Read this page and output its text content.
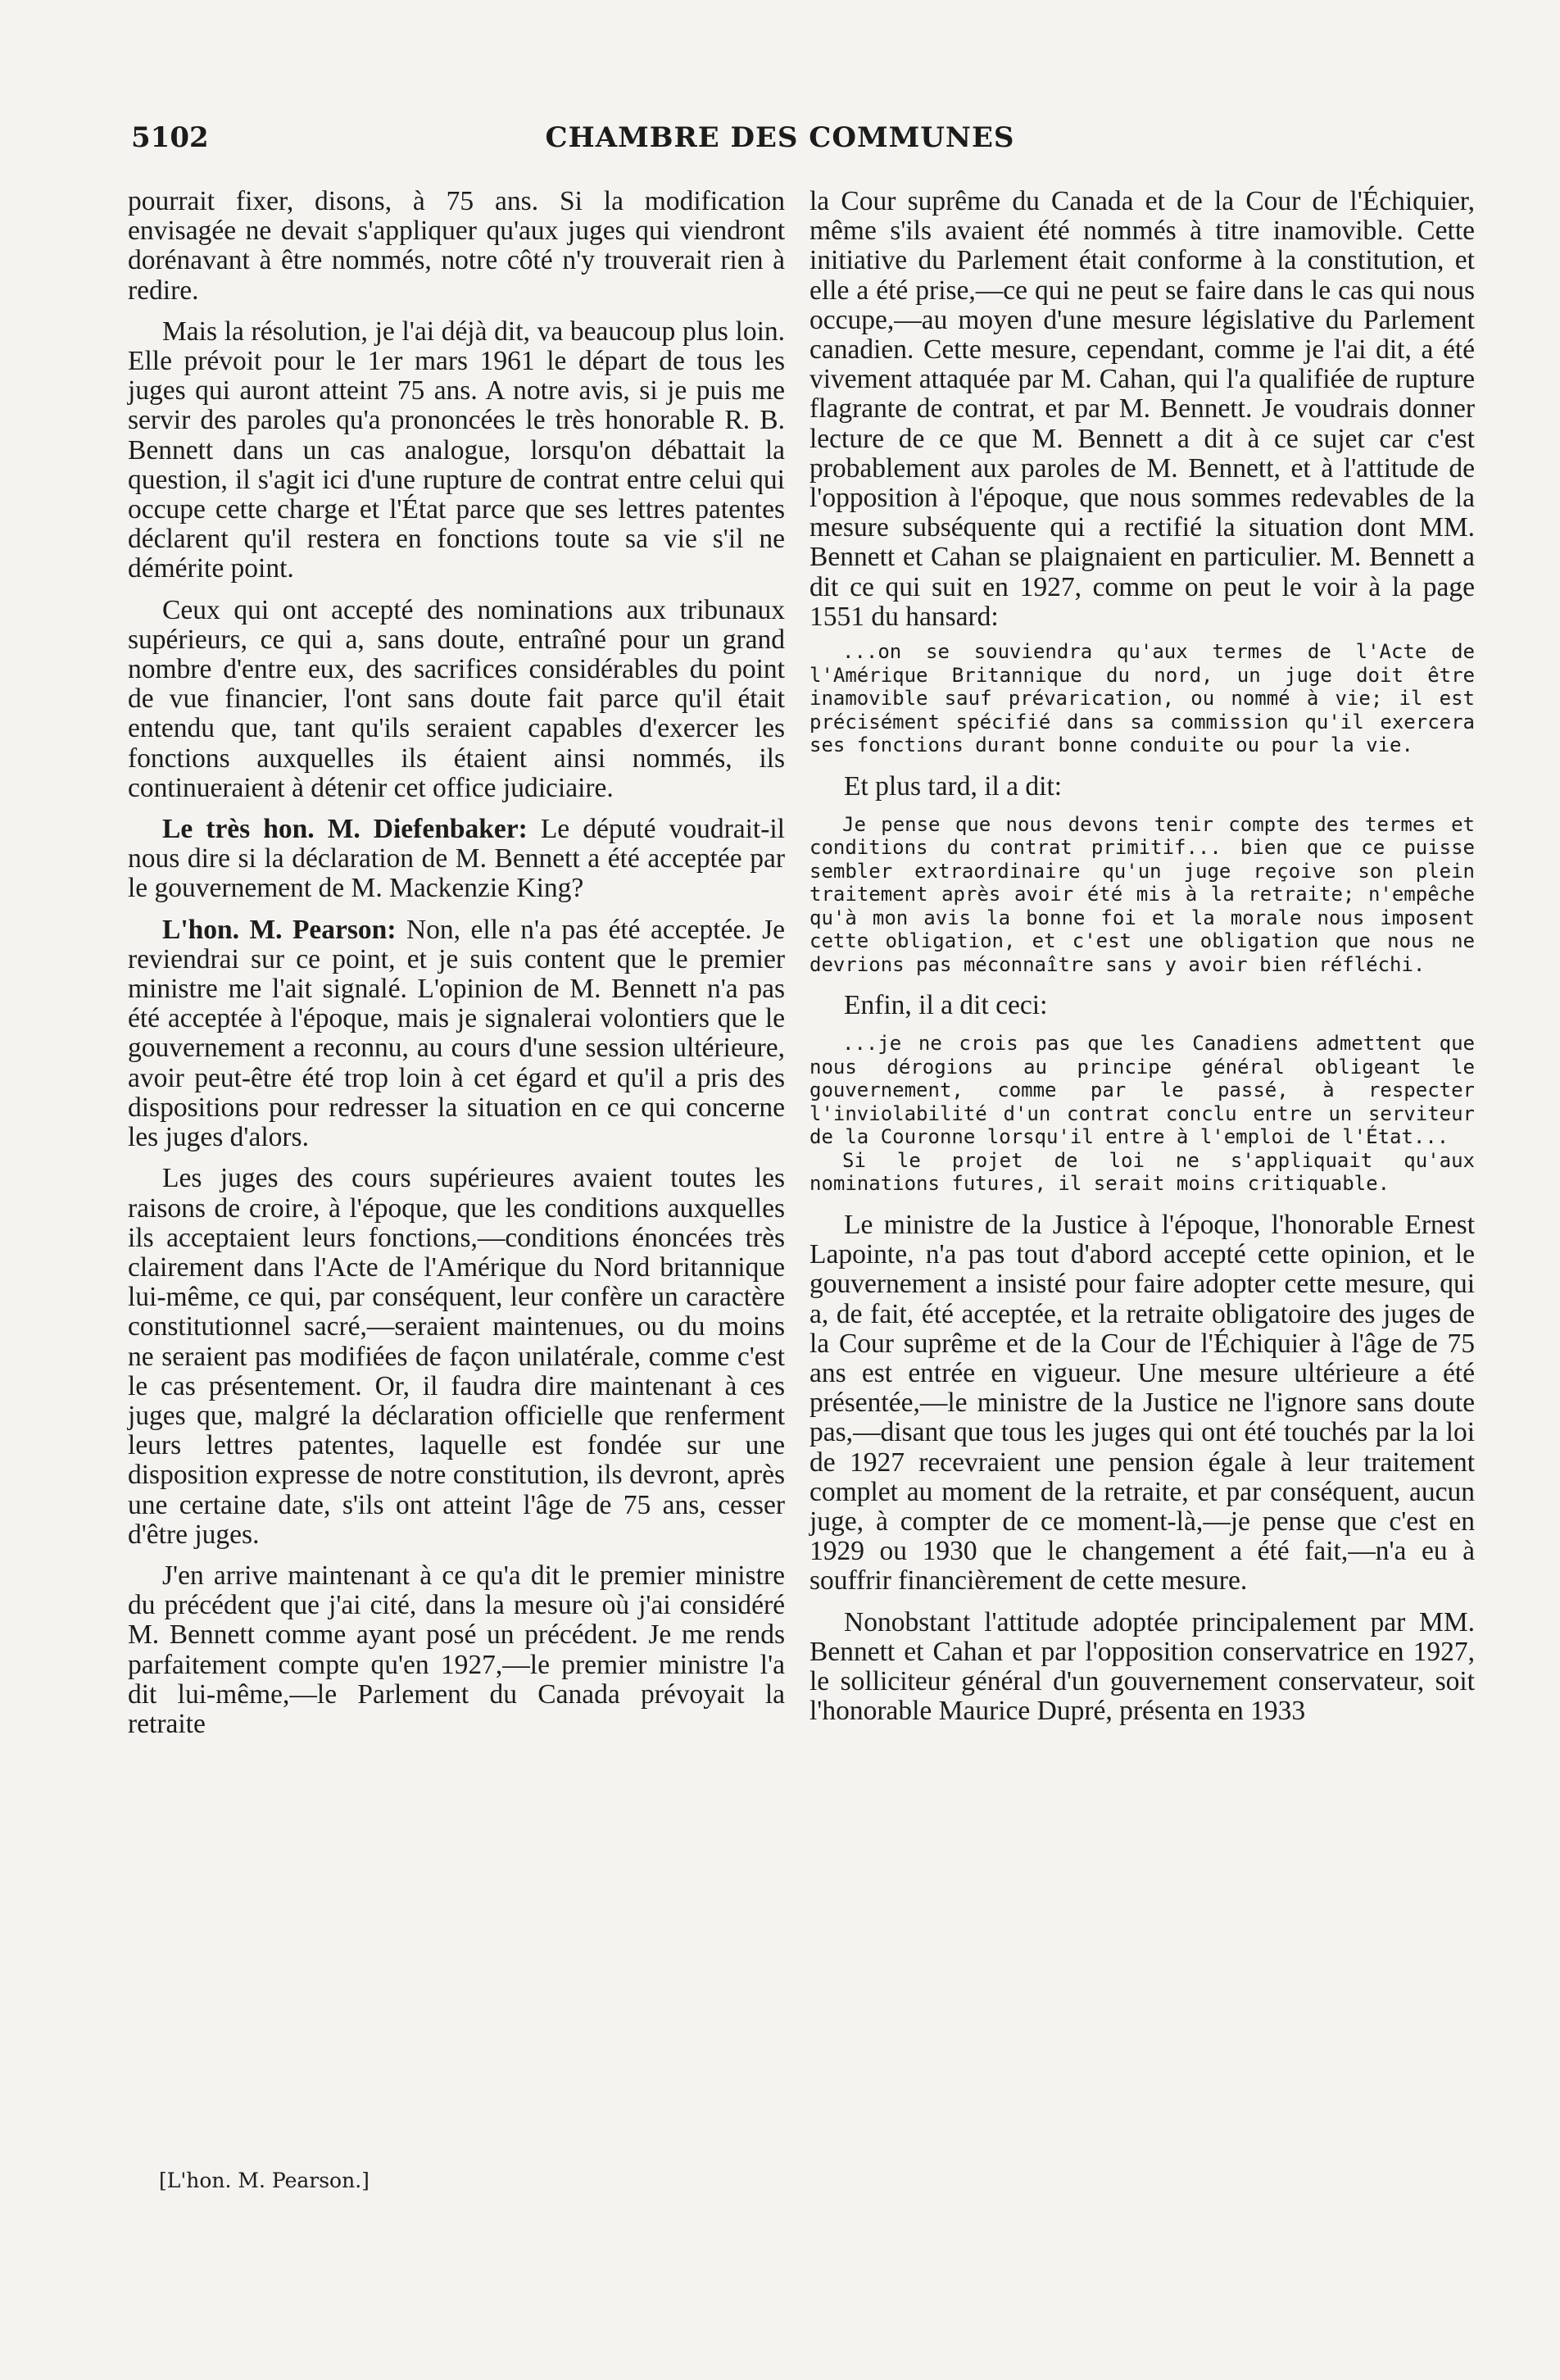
5102	CHAMBRE DES COMMUNES

pourrait fixer, disons, à 75 ans. Si la modification envisagée ne devait s'appliquer qu'aux juges qui viendront dorénavant à être nommés, notre côté n'y trouverait rien à redire.

Mais la résolution, je l'ai déjà dit, va beaucoup plus loin. Elle prévoit pour le 1er mars 1961 le départ de tous les juges qui auront atteint 75 ans. A notre avis, si je puis me servir des paroles qu'a prononcées le très honorable R. B. Bennett dans un cas analogue, lorsqu'on débattait la question, il s'agit ici d'une rupture de contrat entre celui qui occupe cette charge et l'État parce que ses lettres patentes déclarent qu'il restera en fonctions toute sa vie s'il ne démérite point.

Ceux qui ont accepté des nominations aux tribunaux supérieurs, ce qui a, sans doute, entraîné pour un grand nombre d'entre eux, des sacrifices considérables du point de vue financier, l'ont sans doute fait parce qu'il était entendu que, tant qu'ils seraient capables d'exercer les fonctions auxquelles ils étaient ainsi nommés, ils continueraient à détenir cet office judiciaire.

Le très hon. M. Diefenbaker: Le député voudrait-il nous dire si la déclaration de M. Bennett a été acceptée par le gouvernement de M. Mackenzie King?

L'hon. M. Pearson: Non, elle n'a pas été acceptée. Je reviendrai sur ce point, et je suis content que le premier ministre me l'ait signalé. L'opinion de M. Bennett n'a pas été acceptée à l'époque, mais je signalerai volontiers que le gouvernement a reconnu, au cours d'une session ultérieure, avoir peut-être été trop loin à cet égard et qu'il a pris des dispositions pour redresser la situation en ce qui concerne les juges d'alors.

Les juges des cours supérieures avaient toutes les raisons de croire, à l'époque, que les conditions auxquelles ils acceptaient leurs fonctions,—conditions énoncées très clairement dans l'Acte de l'Amérique du Nord britannique lui-même, ce qui, par conséquent, leur confère un caractère constitutionnel sacré,—seraient maintenues, ou du moins ne seraient pas modifiées de façon unilatérale, comme c'est le cas présentement. Or, il faudra dire maintenant à ces juges que, malgré la déclaration officielle que renferment leurs lettres patentes, laquelle est fondée sur une disposition expresse de notre constitution, ils devront, après une certaine date, s'ils ont atteint l'âge de 75 ans, cesser d'être juges.

J'en arrive maintenant à ce qu'a dit le premier ministre du précédent que j'ai cité, dans la mesure où j'ai considéré M. Bennett comme ayant posé un précédent. Je me rends parfaitement compte qu'en 1927,—le premier ministre l'a dit lui-même,—le Parlement du Canada prévoyait la retraite

la Cour suprême du Canada et de la Cour de l'Échiquier, même s'ils avaient été nommés à titre inamovible. Cette initiative du Parlement était conforme à la constitution, et elle a été prise,—ce qui ne peut se faire dans le cas qui nous occupe,—au moyen d'une mesure législative du Parlement canadien. Cette mesure, cependant, comme je l'ai dit, a été vivement attaquée par M. Cahan, qui l'a qualifiée de rupture flagrante de contrat, et par M. Bennett. Je voudrais donner lecture de ce que M. Bennett a dit à ce sujet car c'est probablement aux paroles de M. Bennett, et à l'attitude de l'opposition à l'époque, que nous sommes redevables de la mesure subséquente qui a rectifié la situation dont MM. Bennett et Cahan se plaignaient en particulier. M. Bennett a dit ce qui suit en 1927, comme on peut le voir à la page 1551 du hansard:

...on se souviendra qu'aux termes de l'Acte de l'Amérique Britannique du nord, un juge doit être inamovible sauf prévarication, ou nommé à vie; il est précisément spécifié dans sa commission qu'il exercera ses fonctions durant bonne conduite ou pour la vie.

Et plus tard, il a dit:

Je pense que nous devons tenir compte des termes et conditions du contrat primitif... bien que ce puisse sembler extraordinaire qu'un juge reçoive son plein traitement après avoir été mis à la retraite; n'empêche qu'à mon avis la bonne foi et la morale nous imposent cette obligation, et c'est une obligation que nous ne devrions pas méconnaître sans y avoir bien réfléchi.

Enfin, il a dit ceci:

...je ne crois pas que les Canadiens admettent que nous dérogions au principe général obligeant le gouvernement, comme par le passé, à respecter l'inviolabilité d'un contrat conclu entre un serviteur de la Couronne lorsqu'il entre à l'emploi de l'État...

Si le projet de loi ne s'appliquait qu'aux nominations futures, il serait moins critiquable.

Le ministre de la Justice à l'époque, l'honorable Ernest Lapointe, n'a pas tout d'abord accepté cette opinion, et le gouvernement a insisté pour faire adopter cette mesure, qui a, de fait, été acceptée, et la retraite obligatoire des juges de la Cour suprême et de la Cour de l'Échiquier à l'âge de 75 ans est entrée en vigueur. Une mesure ultérieure a été présentée,—le ministre de la Justice ne l'ignore sans doute pas,—disant que tous les juges qui ont été touchés par la loi de 1927 recevraient une pension égale à leur traitement complet au moment de la retraite, et par conséquent, aucun juge, à compter de ce moment-là,—je pense que c'est en 1929 ou 1930 que le changement a été fait,—n'a eu à souffrir financièrement de cette mesure.

Nonobstant l'attitude adoptée principalement par MM. Bennett et Cahan et par l'opposition conservatrice en 1927, le solliciteur général d'un gouvernement conservateur, soit l'honorable Maurice Dupré, présenta en 1933

[L'hon. M. Pearson.]
